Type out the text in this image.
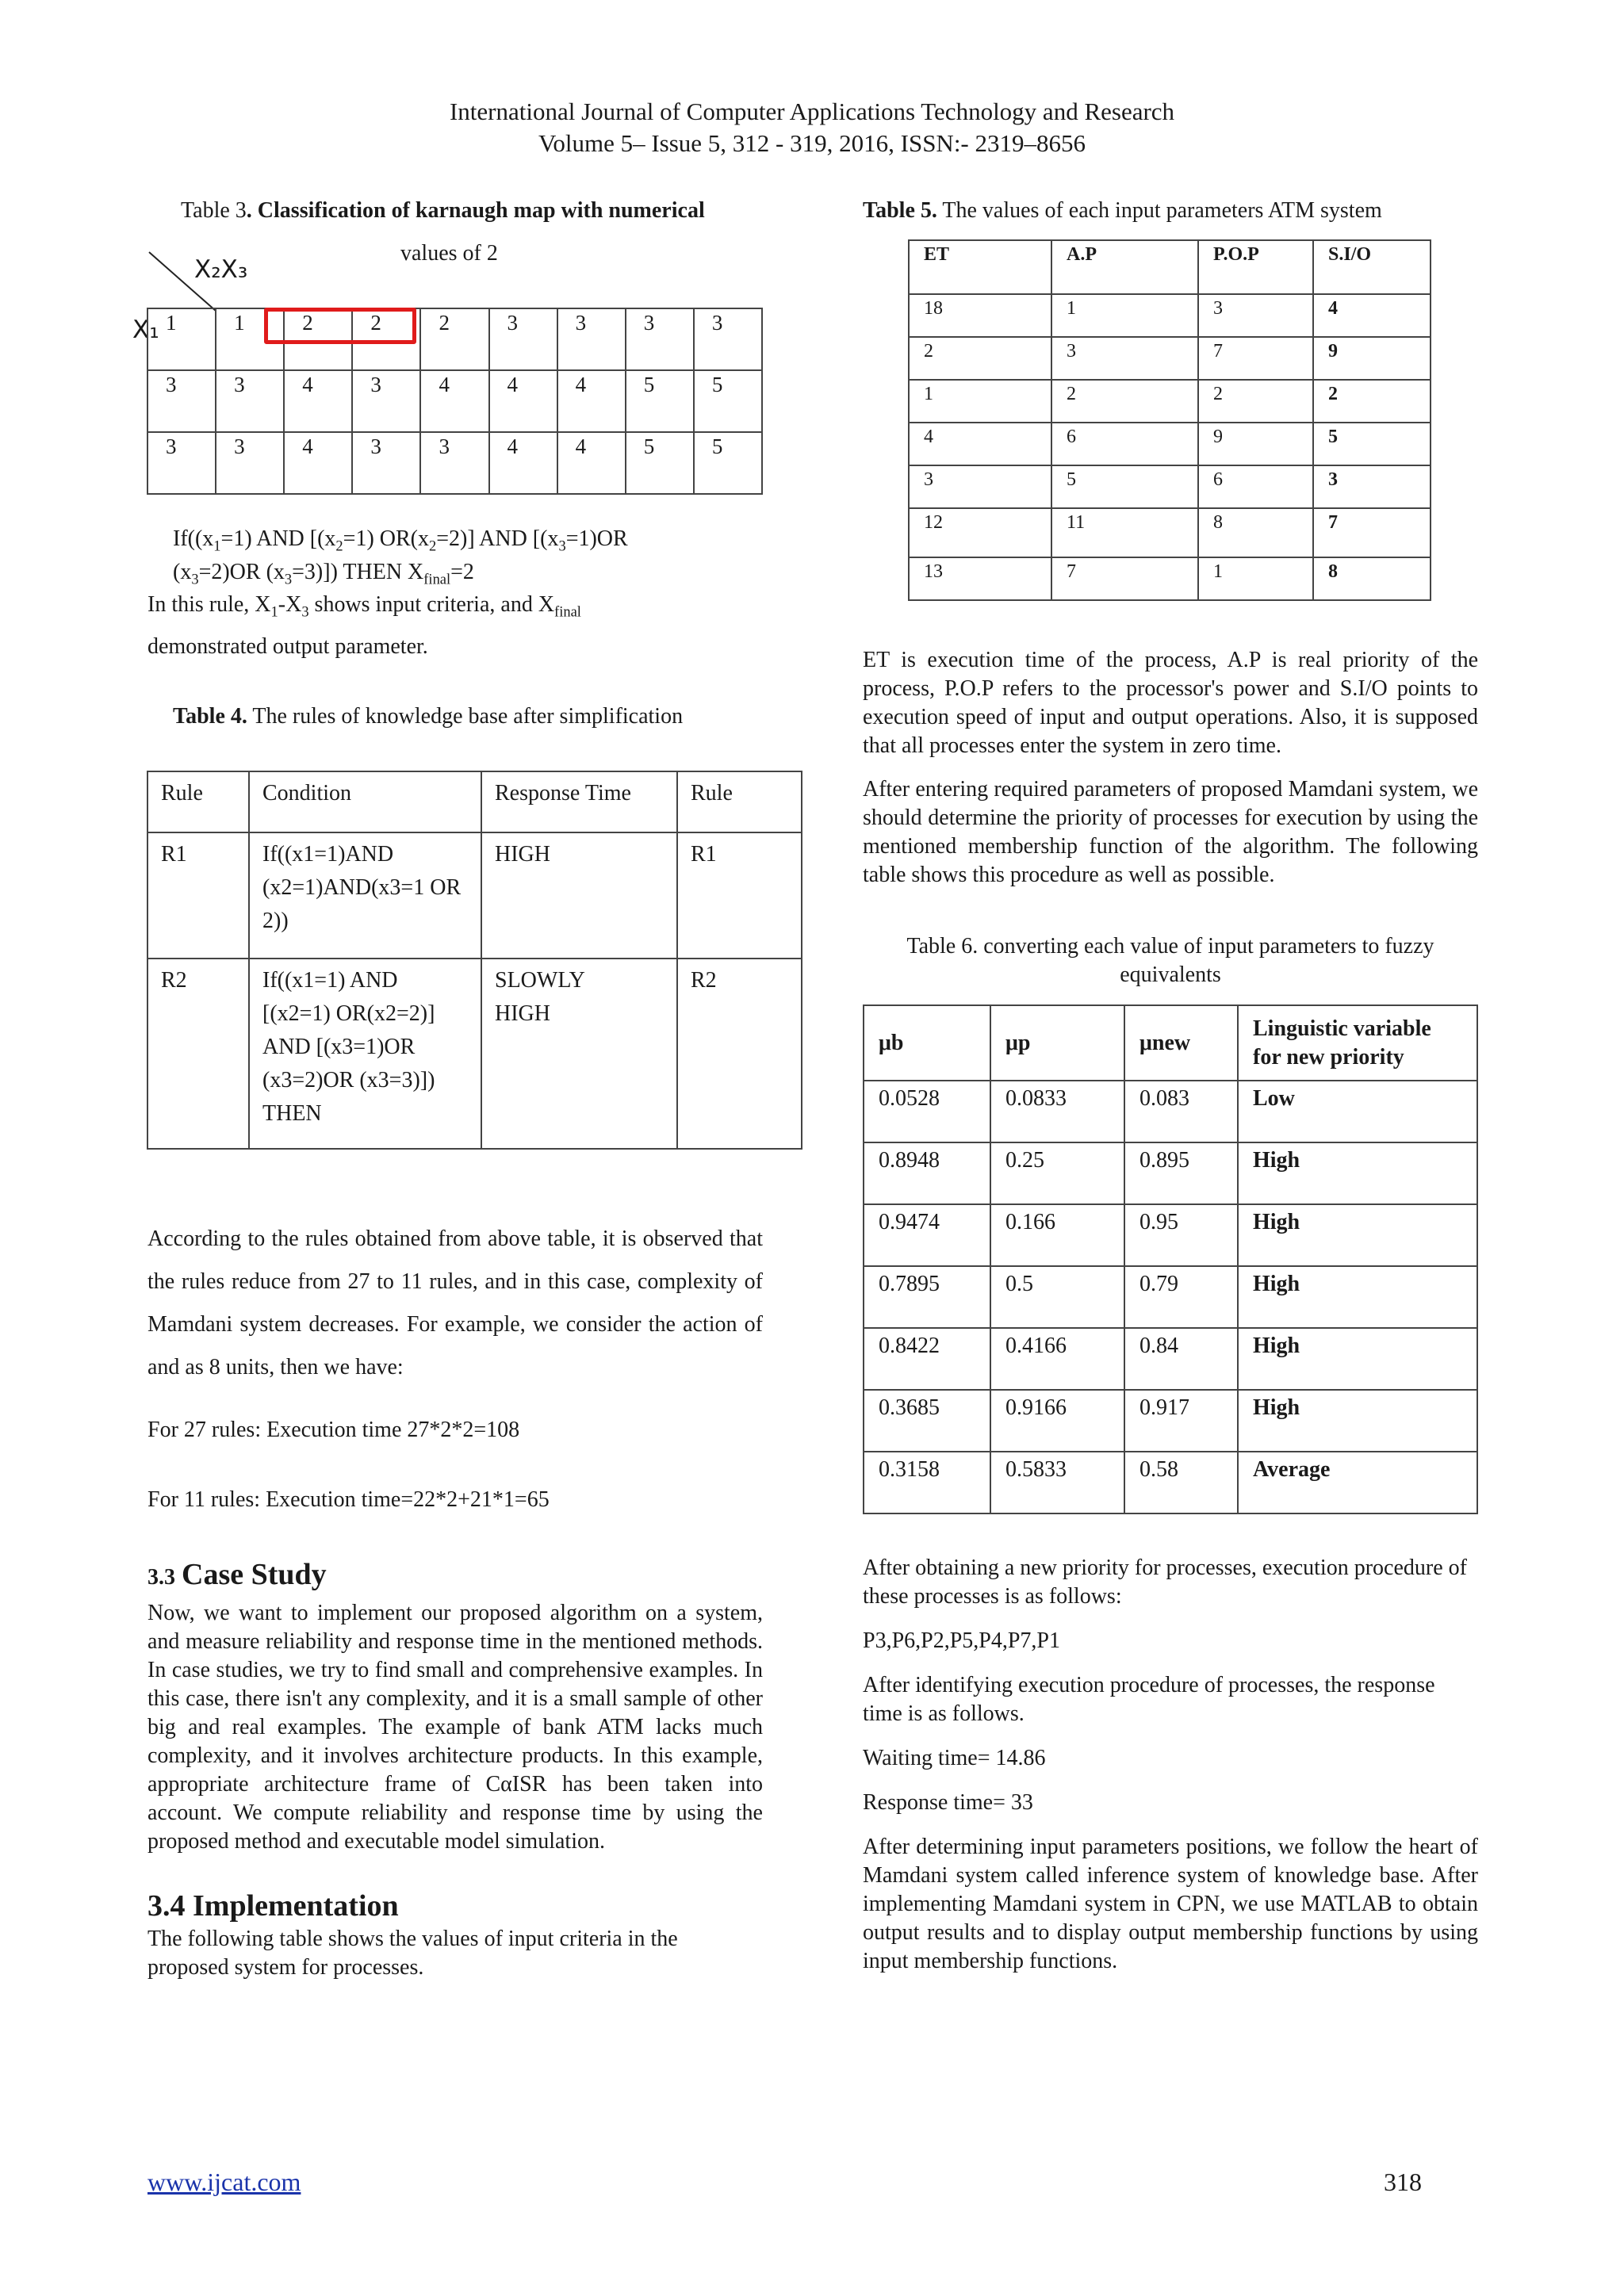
International Journal of Computer Applications Technology and Research
Volume 5– Issue 5, 312 - 319, 2016, ISSN:- 2319–8656
Table 3. Classification of karnaugh map with numerical
values of 2
X₂X₃
X₁ 1	1	2	2	2	3	3	3	3
3	3	4	3	4	4	4	5	5
3	3	4	3	3	4	4	5	5
$If((x_1=1)$ AND [$(x_2=1)$ $OR(x_2=2)$] AND [$(x_3=1)OR$
$(x_3=2)OR$ $(x_3=3)$]) THEN $X_{final}=2$
In this rule, $X_1-X_3$ shows input criteria, and $X_{final}$
demonstrated output parameter.
Table 4. The rules of knowledge base after simplification
Rule	Condition	Response Time	Rule
R1	If((x1=1)AND (x2=1)AND(x3=1 OR 2))	HIGH	R1
R2	If((x1=1) AND [(x2=1) OR(x2=2)] AND [(x3=1)OR (x3=2)OR (x3=3)]) THEN	SLOWLY HIGH	R2
According to the rules obtained from above table, it is observed that the rules reduce from 27 to 11 rules, and in this case, complexity of Mamdani system decreases. For example, we consider the action of and as 8 units, then we have:
For 27 rules: Execution time 27*2*2=108
For 11 rules: Execution time=22*2+21*1=65
3.3 Case Study
Now, we want to implement our proposed algorithm on a system, and measure reliability and response time in the mentioned methods. In case studies, we try to find small and comprehensive examples. In this case, there isn't any complexity, and it is a small sample of other big and real examples. The example of bank ATM lacks much complexity, and it involves architecture products. In this example, appropriate architecture frame of CαISR has been taken into account. We compute reliability and response time by using the proposed method and executable model simulation.
3.4 Implementation
The following table shows the values of input criteria in the proposed system for processes.
Table 5. The values of each input parameters ATM system
ET	A.P	P.O.P	S.I/O
18	1	3	4
2	3	7	9
1	2	2	2
4	6	9	5
3	5	6	3
12	11	8	7
13	7	1	8
ET is execution time of the process, A.P is real priority of the process, P.O.P refers to the processor's power and S.I/O points to execution speed of input and output operations. Also, it is supposed that all processes enter the system in zero time.
After entering required parameters of proposed Mamdani system, we should determine the priority of processes for execution by using the mentioned membership function of the algorithm. The following table shows this procedure as well as possible.
Table 6. converting each value of input parameters to fuzzy
equivalents
μb	μp	μnew	Linguistic variable for new priority
0.0528	0.0833	0.083	Low
0.8948	0.25	0.895	High
0.9474	0.166	0.95	High
0.7895	0.5	0.79	High
0.8422	0.4166	0.84	High
0.3685	0.9166	0.917	High
0.3158	0.5833	0.58	Average
After obtaining a new priority for processes, execution procedure of these processes is as follows:
P3,P6,P2,P5,P4,P7,P1
After identifying execution procedure of processes, the response time is as follows.
Waiting time= 14.86
Response time= 33
After determining input parameters positions, we follow the heart of Mamdani system called inference system of knowledge base. After implementing Mamdani system in CPN, we use MATLAB to obtain output results and to display output membership functions by using input membership functions.
www.ijcat.com	318
